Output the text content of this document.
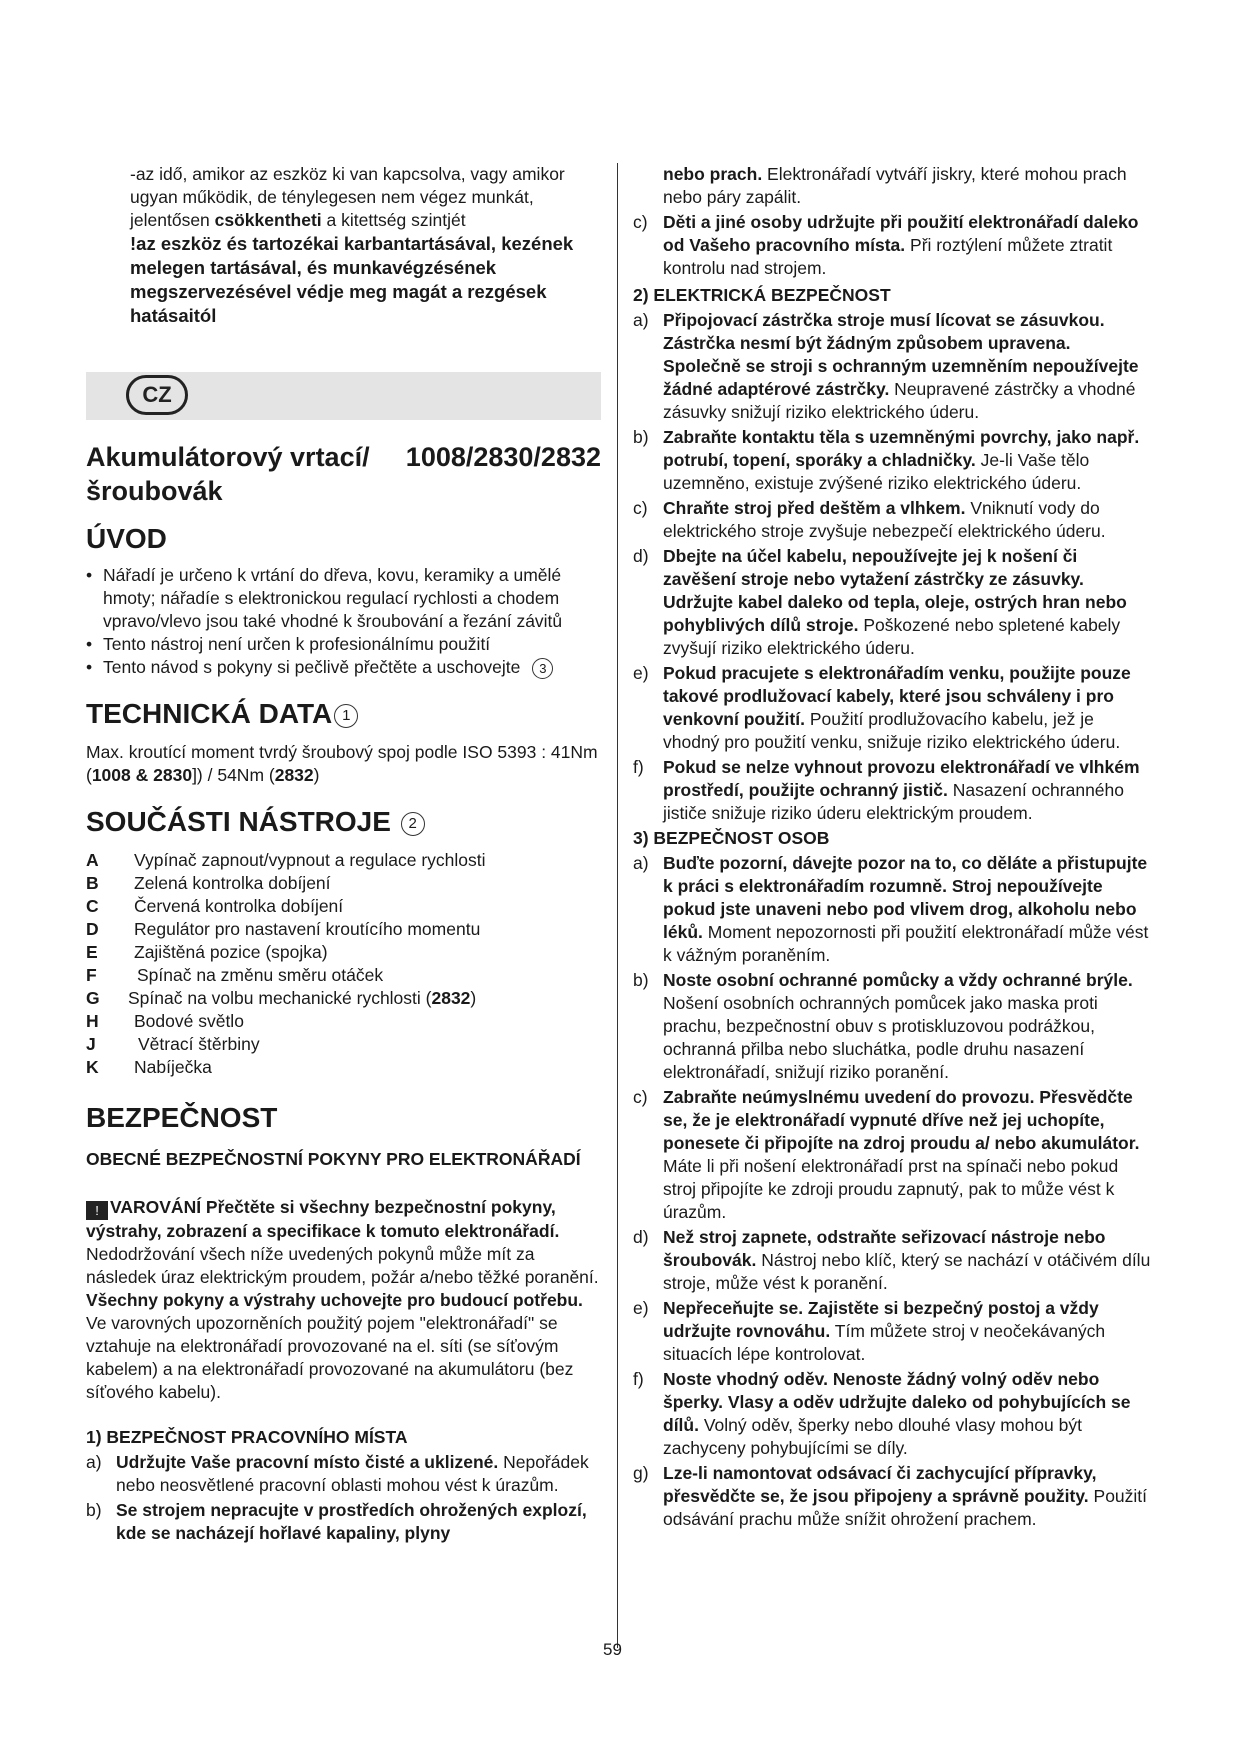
-az idő, amikor az eszköz ki van kapcsolva, vagy amikor ugyan működik, de ténylegesen nem végez munkát, jelentősen csökkentheti a kitettség szintjét

!az eszköz és tartozékai karbantartásával, kezének melegen tartásával, és munkavégzésének megszervezésével védje meg magát a rezgések hatásaitól

CZ
Akumulátorový vrtací/ šroubovák
1008/2830/2832
ÚVOD
• Nářadí je určeno k vrtání do dřeva, kovu, keramiky a umělé hmoty; nářadíe s elektronickou regulací rychlosti a chodem vpravo/vlevo jsou také vhodné k šroubování a řezání závitů
• Tento nástroj není určen k profesionálnímu použití
• Tento návod s pokyny si pečlivě přečtěte a uschovejte 3
TECHNICKÁ DATA 1

Max. kroutící moment tvrdý šroubový spoj podle ISO 5393 : 41Nm (1008 & 2830]) / 54Nm (2832)

SOUČÁSTI NÁSTROJE 2
A	Vypínač zapnout/vypnout a regulace rychlosti
B	Zelená kontrolka dobíjení
C	Červená kontrolka dobíjení
D	Regulátor pro nastavení kroutícího momentu
E	Zajištěná pozice (spojka)
F	Spínač na změnu směru otáček
G	Spínač na volbu mechanické rychlosti (2832)
H	Bodové světlo
J	Větrací štěrbiny
K	Nabíječka
BEZPEČNOST
OBECNÉ BEZPEČNOSTNÍ POKYNY PRO ELEKTRONÁŘADÍ

! VAROVÁNÍ Přečtěte si všechny bezpečnostní pokyny, výstrahy, zobrazení a specifikace k tomuto elektronářadí. Nedodržování všech níže uvedených pokynů může mít za následek úraz elektrickým proudem, požár a/nebo těžké poranění. Všechny pokyny a výstrahy uchovejte pro budoucí potřebu. Ve varovných upozorněních použitý pojem "elektronářadí" se vztahuje na elektronářadí provozované na el. síti (se síťovým kabelem) a na elektronářadí provozované na akumulátoru (bez síťového kabelu).

1) BEZPEČNOST PRACOVNÍHO MÍSTA
a) Udržujte Vaše pracovní místo čisté a uklizené. Nepořádek nebo neosvětlené pracovní oblasti mohou vést k úrazům.
b) Se strojem nepracujte v prostředích ohrožených explozí, kde se nacházejí hořlavé kapaliny, plyny

nebo prach. Elektronářadí vytváří jiskry, které mohou prach nebo páry zapálit.

c) Děti a jiné osoby udržujte při použití elektronářadí daleko od Vašeho pracovního místa. Při roztýlení můžete ztratit kontrolu nad strojem.
2) ELEKTRICKÁ BEZPEČNOST
a) Připojovací zástrčka stroje musí lícovat se zásuvkou. Zástrčka nesmí být žádným způsobem upravena. Společně se stroji s ochranným uzemněním nepoužívejte žádné adaptérové zástrčky. Neupravené zástrčky a vhodné zásuvky snižují riziko elektrického úderu.
b) Zabraňte kontaktu těla s uzemněnými povrchy, jako např. potrubí, topení, sporáky a chladničky. Je-li Vaše tělo uzemněno, existuje zvýšené riziko elektrického úderu.
c) Chraňte stroj před deštěm a vlhkem. Vniknutí vody do elektrického stroje zvyšuje nebezpečí elektrického úderu.
d) Dbejte na účel kabelu, nepoužívejte jej k nošení či zavěšení stroje nebo vytažení zástrčky ze zásuvky. Udržujte kabel daleko od tepla, oleje, ostrých hran nebo pohyblivých dílů stroje. Poškozené nebo spletené kabely zvyšují riziko elektrického úderu.
e) Pokud pracujete s elektronářadím venku, použijte pouze takové prodlužovací kabely, které jsou schváleny i pro venkovní použití. Použití prodlužovacího kabelu, jež je vhodný pro použití venku, snižuje riziko elektrického úderu.
f) Pokud se nelze vyhnout provozu elektronářadí ve vlhkém prostředí, použijte ochranný jistič. Nasazení ochranného jističe snižuje riziko úderu elektrickým proudem.
3) BEZPEČNOST OSOB
a) Buďte pozorní, dávejte pozor na to, co děláte a přistupujte k práci s elektronářadím rozumně. Stroj nepoužívejte pokud jste unaveni nebo pod vlivem drog, alkoholu nebo léků. Moment nepozornosti při použití elektronářadí může vést k vážným poraněním.
b) Noste osobní ochranné pomůcky a vždy ochranné brýle. Nošení osobních ochranných pomůcek jako maska proti prachu, bezpečnostní obuv s protiskluzovou podrážkou, ochranná přilba nebo sluchátka, podle druhu nasazení elektronářadí, snižují riziko poranění.
c) Zabraňte neúmyslnému uvedení do provozu. Přesvědčte se, že je elektronářadí vypnuté dříve než jej uchopíte, ponesete či připojíte na zdroj proudu a/ nebo akumulátor. Máte li při nošení elektronářadí prst na spínači nebo pokud stroj připojíte ke zdroji proudu zapnutý, pak to může vést k úrazům.
d) Než stroj zapnete, odstraňte seřizovací nástroje nebo šroubovák. Nástroj nebo klíč, který se nachází v otáčivém dílu stroje, může vést k poranění.
e) Nepřeceňujte se. Zajistěte si bezpečný postoj a vždy udržujte rovnováhu. Tím můžete stroj v neočekávaných situacích lépe kontrolovat.
f) Noste vhodný oděv. Nenoste žádný volný oděv nebo šperky. Vlasy a oděv udržujte daleko od pohybujících se dílů. Volný oděv, šperky nebo dlouhé vlasy mohou být zachyceny pohybujícími se díly.
g) Lze-li namontovat odsávací či zachycující přípravky, přesvědčte se, že jsou připojeny a správně použity. Použití odsávání prachu může snížit ohrožení prachem.
59
